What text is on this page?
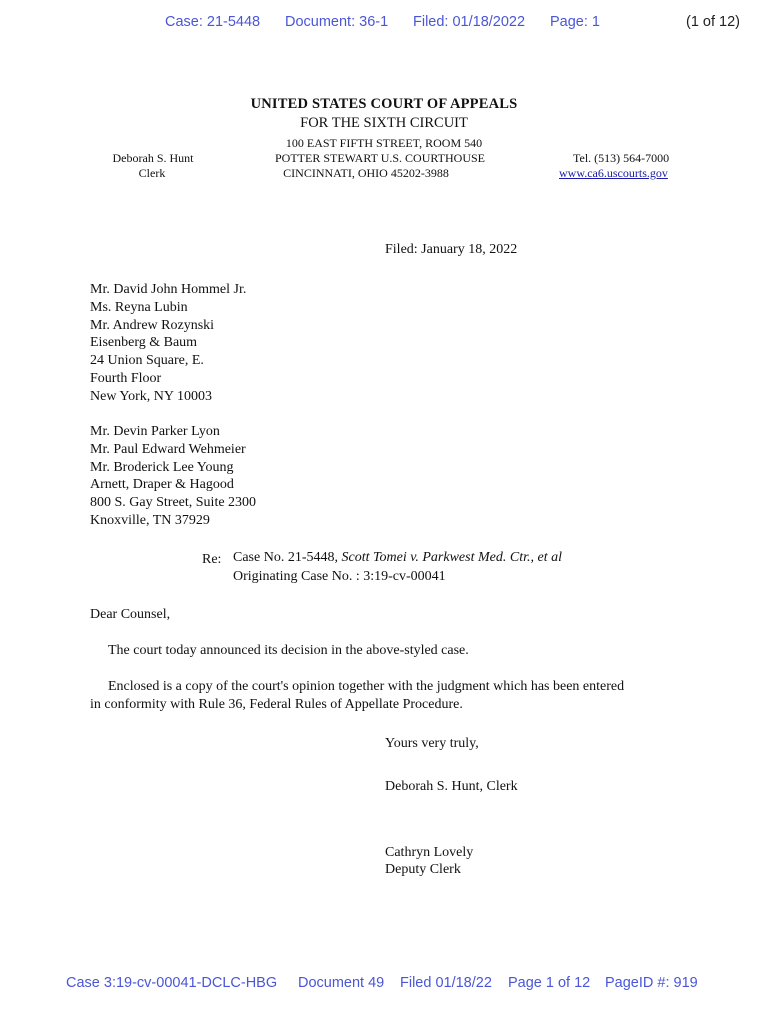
Case: 21-5448 Document: 36-1 Filed: 01/18/2022 Page: 1	(1 of 12)
UNITED STATES COURT OF APPEALS
FOR THE SIXTH CIRCUIT
100 EAST FIFTH STREET, ROOM 540
POTTER STEWART U.S. COURTHOUSE
CINCINNATI, OHIO 45202-3988
Deborah S. Hunt
Clerk
Tel. (513) 564-7000
www.ca6.uscourts.gov
Filed: January 18, 2022
Mr. David John Hommel Jr.
Ms. Reyna Lubin
Mr. Andrew Rozynski
Eisenberg & Baum
24 Union Square, E.
Fourth Floor
New York, NY 10003
Mr. Devin Parker Lyon
Mr. Paul Edward Wehmeier
Mr. Broderick Lee Young
Arnett, Draper & Hagood
800 S. Gay Street, Suite 2300
Knoxville, TN 37929
Re: Case No. 21-5448, Scott Tomei v. Parkwest Med. Ctr., et al
Originating Case No. : 3:19-cv-00041
Dear Counsel,
The court today announced its decision in the above-styled case.
Enclosed is a copy of the court's opinion together with the judgment which has been entered
in conformity with Rule 36, Federal Rules of Appellate Procedure.
Yours very truly,
Deborah S. Hunt, Clerk
Cathryn Lovely
Deputy Clerk
Case 3:19-cv-00041-DCLC-HBG Document 49 Filed 01/18/22 Page 1 of 12 PageID #: 919
